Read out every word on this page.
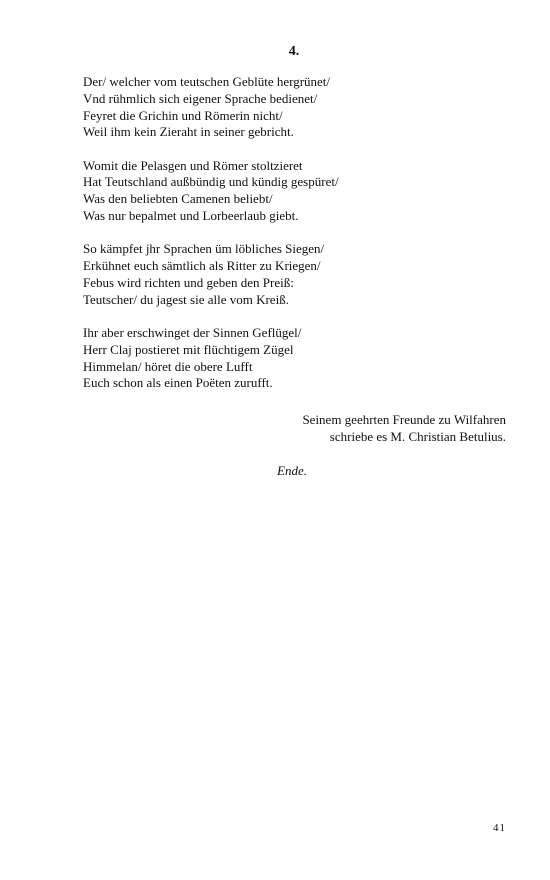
4.
Der/ welcher vom teutschen Geblüte hergrünet/
Vnd rühmlich sich eigener Sprache bedienet/
Feyret die Grichin und Römerin nicht/
Weil ihm kein Zieraht in seiner gebricht.
Womit die Pelasgen und Römer stoltzieret
Hat Teutschland außbündig und kündig gespüret/
Was den beliebten Camenen beliebt/
Was nur bepalmet und Lorbeerlaub giebt.
So kämpfet jhr Sprachen üm löbliches Siegen/
Erkühnet euch sämtlich als Ritter zu Kriegen/
Febus wird richten und geben den Preiß:
Teutscher/ du jagest sie alle vom Kreiß.
Ihr aber erschwinget der Sinnen Geflügel/
Herr Claj postieret mit flüchtigem Zügel
Himmelan/ höret die obere Lufft
Euch schon als einen Poëten zurufft.
Seinem geehrten Freunde zu Wilfahren
schriebe es M. Christian Betulius.
Ende.
41
